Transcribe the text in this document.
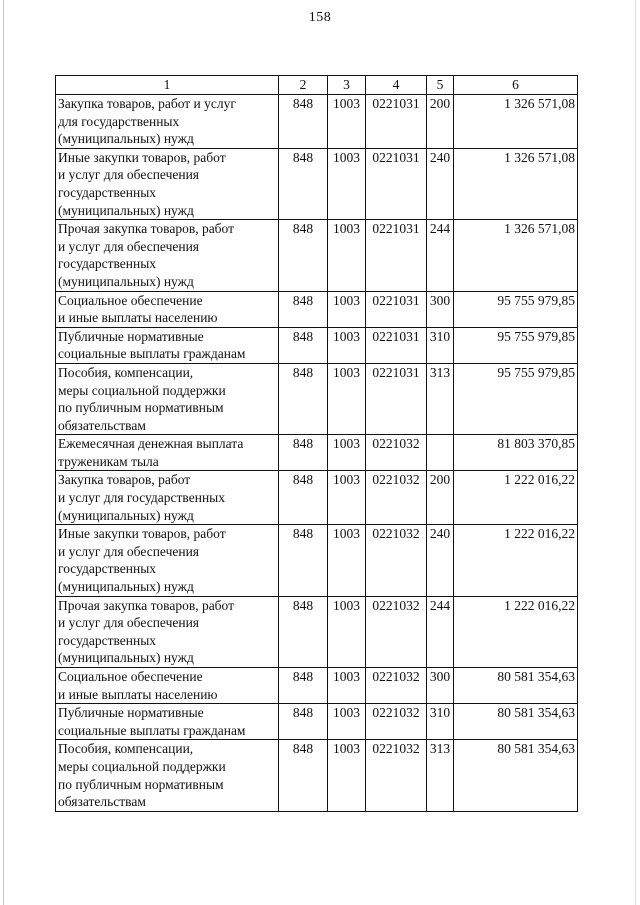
158
1	2	3	4	5	6
Закупка товаров, работ и услуг
для государственных
(муниципальных) нужд	848	1003	0221031	200	1 326 571,08
Иные закупки товаров, работ
и услуг для обеспечения
государственных
(муниципальных) нужд	848	1003	0221031	240	1 326 571,08
Прочая закупка товаров, работ
и услуг для обеспечения
государственных
(муниципальных) нужд	848	1003	0221031	244	1 326 571,08
Социальное обеспечение
и иные выплаты населению	848	1003	0221031	300	95 755 979,85
Публичные нормативные
социальные выплаты гражданам	848	1003	0221031	310	95 755 979,85
Пособия, компенсации,
меры социальной поддержки
по публичным нормативным
обязательствам	848	1003	0221031	313	95 755 979,85
Ежемесячная денежная выплата
труженикам тыла	848	1003	0221032		81 803 370,85
Закупка товаров, работ
и услуг для государственных
(муниципальных) нужд	848	1003	0221032	200	1 222 016,22
Иные закупки товаров, работ
и услуг для обеспечения
государственных
(муниципальных) нужд	848	1003	0221032	240	1 222 016,22
Прочая закупка товаров, работ
и услуг для обеспечения
государственных
(муниципальных) нужд	848	1003	0221032	244	1 222 016,22
Социальное обеспечение
и иные выплаты населению	848	1003	0221032	300	80 581 354,63
Публичные нормативные
социальные выплаты гражданам	848	1003	0221032	310	80 581 354,63
Пособия, компенсации,
меры социальной поддержки
по публичным нормативным
обязательствам	848	1003	0221032	313	80 581 354,63
